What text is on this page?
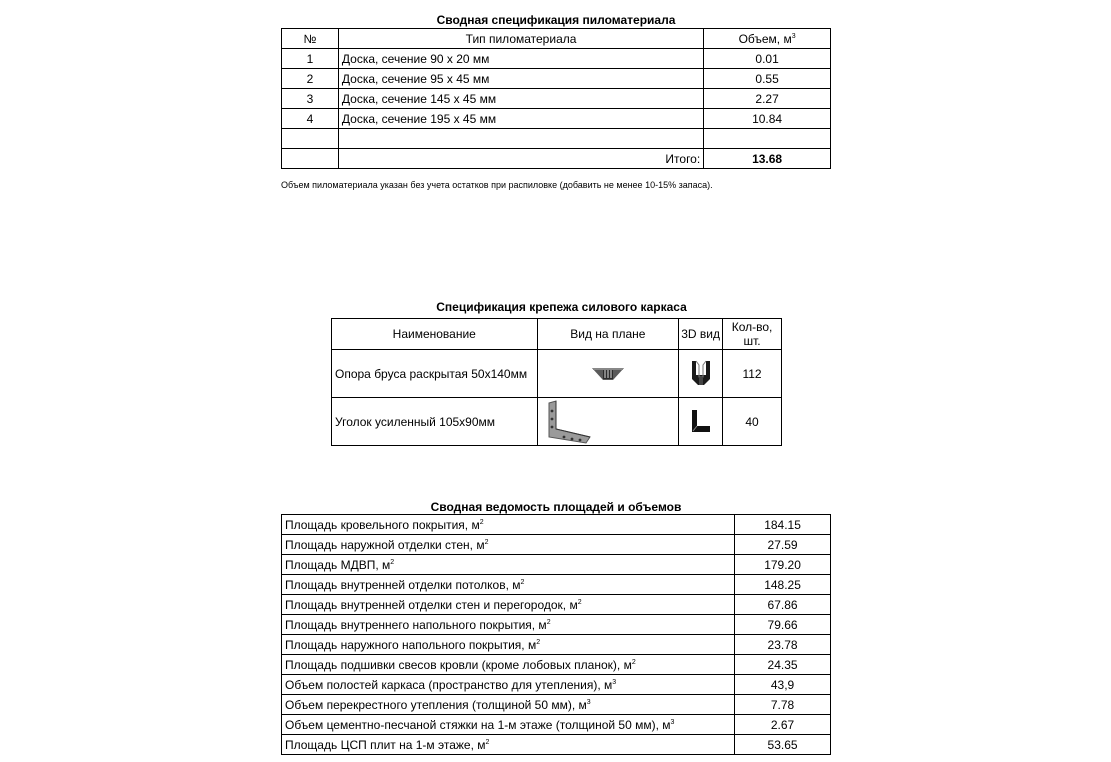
Сводная спецификация пиломатериала
№	Тип пиломатериала	Объем, $м^3$
1	Доска, сечение 90 х 20 мм	0.01
2	Доска, сечение 95 х 45 мм	0.55
3	Доска, сечение 145 х 45 мм	2.27
4	Доска, сечение 195 х 45 мм	10.84

	Итого:	13.68
Объем пиломатериала указан без учета остатков при распиловке (добавить не менее 10-15% запаса).
Спецификация крепежа силового каркаса
Наименование	Вид на плане	3D вид	Кол-во,
шт.
Опора бруса раскрытая 50x140мм			112
Уголок усиленный 105x90мм			40
Сводная ведомость площадей и объемов
Площадь кровельного покрытия, $м^2$	184.15
Площадь наружной отделки стен, $м^2$	27.59
Площадь МДВП, $м^2$	179.20
Площадь внутренней отделки потолков, $м^2$	148.25
Площадь внутренней отделки стен и перегородок, $м^2$	67.86
Площадь внутреннего напольного покрытия, $м^2$	79.66
Площадь наружного напольного покрытия, $м^2$	23.78
Площадь подшивки свесов кровли (кроме лобовых планок), $м^2$	24.35
Объем полостей каркаса (пространство для утепления), $м^3$	43,9
Объем перекрестного утепления (толщиной 50 мм), $м^3$	7.78
Объем цементно-песчаной стяжки на 1-м этаже (толщиной 50 мм), $м^3$	2.67
Площадь ЦСП плит на 1-м этаже, $м^2$	53.65
